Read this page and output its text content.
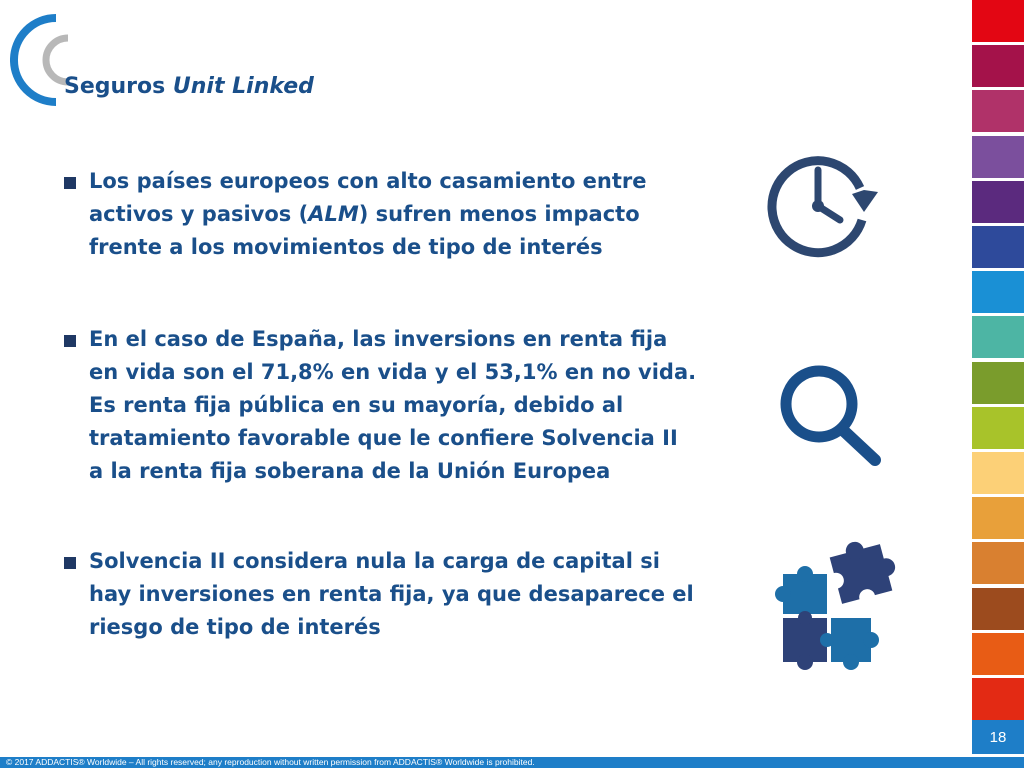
Seguros Unit Linked
Los países europeos con alto casamiento entre
activos y pasivos (ALM) sufren menos impacto
frente a los movimientos de tipo de interés
En el caso de España, las inversions en renta fija
en vida son el 71,8% en vida y el 53,1% en no vida.
Es renta fija pública en su mayoría, debido al
tratamiento favorable que le confiere Solvencia II
a la renta fija soberana de la Unión Europea
Solvencia II considera nula la carga de capital si
hay inversiones en renta fija, ya que desaparece el
riesgo de tipo de interés
18
© 2017 ADDACTIS® Worldwide – All rights reserved; any reproduction without written permission from ADDACTIS® Worldwide is prohibited.
